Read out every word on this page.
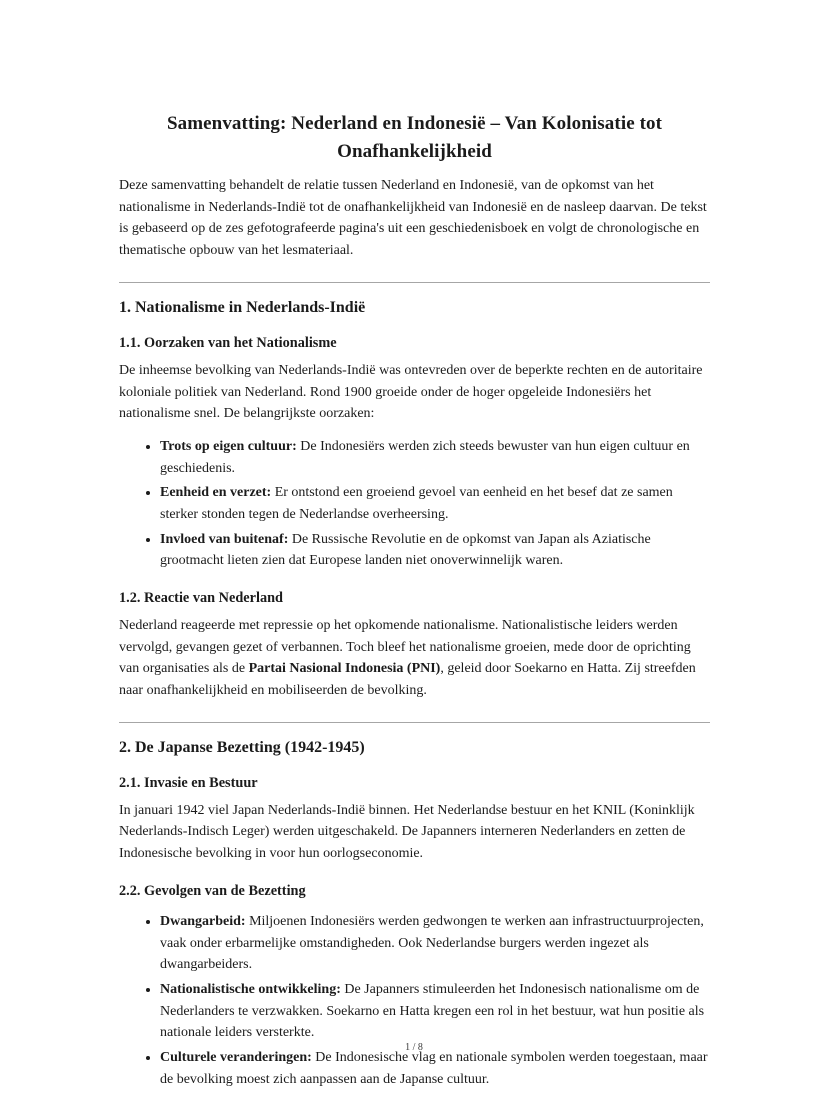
Samenvatting: Nederland en Indonesië – Van Kolonisatie tot Onafhankelijkheid

Deze samenvatting behandelt de relatie tussen Nederland en Indonesië, van de opkomst van het nationalisme in Nederlands-Indië tot de onafhankelijkheid van Indonesië en de nasleep daarvan. De tekst is gebaseerd op de zes gefotografeerde pagina's uit een geschiedenisboek en volgt de chronologische en thematische opbouw van het lesmateriaal.

1. Nationalisme in Nederlands-Indië
1.1. Oorzaken van het Nationalisme

De inheemse bevolking van Nederlands-Indië was ontevreden over de beperkte rechten en de autoritaire koloniale politiek van Nederland. Rond 1900 groeide onder de hoger opgeleide Indonesiërs het nationalisme snel. De belangrijkste oorzaken:

• Trots op eigen cultuur: De Indonesiërs werden zich steeds bewuster van hun eigen cultuur en geschiedenis.
• Eenheid en verzet: Er ontstond een groeiend gevoel van eenheid en het besef dat ze samen sterker stonden tegen de Nederlandse overheersing.
• Invloed van buitenaf: De Russische Revolutie en de opkomst van Japan als Aziatische grootmacht lieten zien dat Europese landen niet onoverwinnelijk waren.
1.2. Reactie van Nederland

Nederland reageerde met repressie op het opkomende nationalisme. Nationalistische leiders werden vervolgd, gevangen gezet of verbannen. Toch bleef het nationalisme groeien, mede door de oprichting van organisaties als de Partai Nasional Indonesia (PNI), geleid door Soekarno en Hatta. Zij streefden naar onafhankelijkheid en mobiliseerden de bevolking.

2. De Japanse Bezetting (1942-1945)
2.1. Invasie en Bestuur

In januari 1942 viel Japan Nederlands-Indië binnen. Het Nederlandse bestuur en het KNIL (Koninklijk Nederlands-Indisch Leger) werden uitgeschakeld. De Japanners interneren Nederlanders en zetten de Indonesische bevolking in voor hun oorlogseconomie.

2.2. Gevolgen van de Bezetting
• Dwangarbeid: Miljoenen Indonesiërs werden gedwongen te werken aan infrastructuurprojecten, vaak onder erbarmelijke omstandigheden. Ook Nederlandse burgers werden ingezet als dwangarbeiders.
• Nationalistische ontwikkeling: De Japanners stimuleerden het Indonesisch nationalisme om de Nederlanders te verzwakken. Soekarno en Hatta kregen een rol in het bestuur, wat hun positie als nationale leiders versterkte.
• Culturele veranderingen: De Indonesische vlag en nationale symbolen werden toegestaan, maar de bevolking moest zich aanpassen aan de Japanse cultuur.
1 / 8
